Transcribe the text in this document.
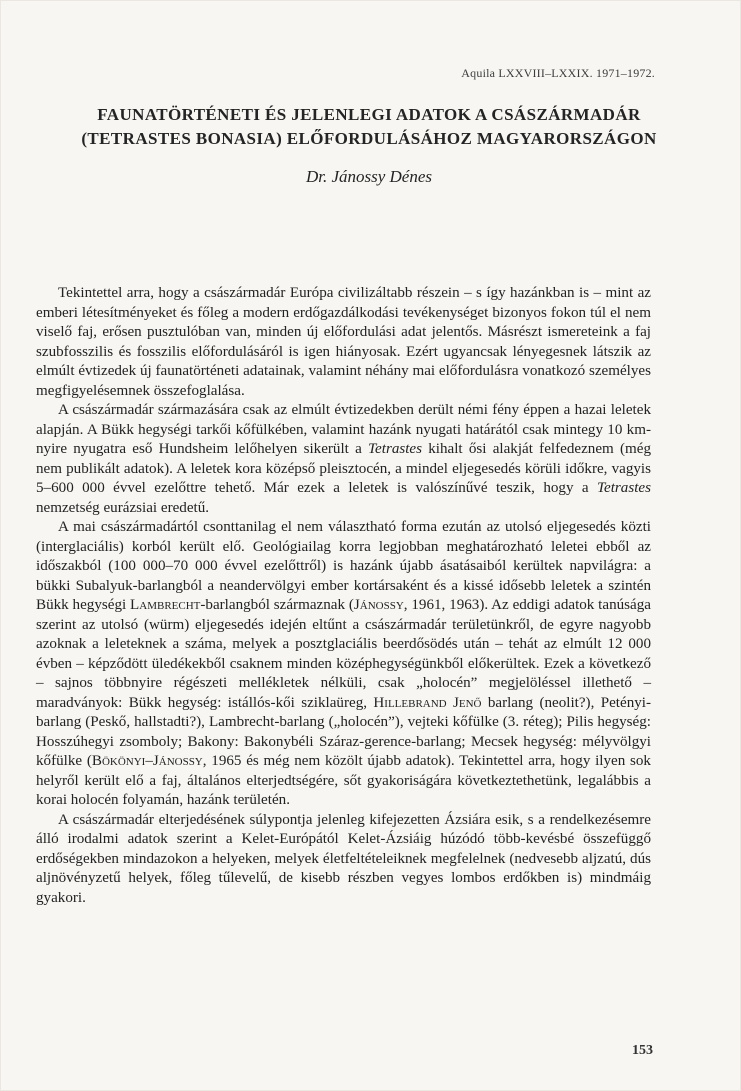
Aquila LXXVIII–LXXIX. 1971–1972.
FAUNATÖRTÉNETI ÉS JELENLEGI ADATOK A CSÁSZÁRMADÁR
(TETRASTES BONASIA) ELŐFORDULÁSÁHOZ MAGYARORSZÁGON
Dr. Jánossy Dénes

Tekintettel arra, hogy a császármadár Európa civilizáltabb részein – s így hazánkban is – mint az emberi létesítményeket és főleg a modern erdőgazdálkodási tevékenységet bizonyos fokon túl el nem viselő faj, erősen pusztulóban van, minden új előfordulási adat jelentős. Másrészt ismereteink a faj szubfosszilis és fosszilis előfordulásáról is igen hiányosak. Ezért ugyancsak lényegesnek látszik az elmúlt évtizedek új faunatörténeti adatainak, valamint néhány mai előfordulásra vonatkozó személyes megfigyelésemnek összefoglalása.

A császármadár származására csak az elmúlt évtizedekben derült némi fény éppen a hazai leletek alapján. A Bükk hegységi tarkői kőfülkében, valamint hazánk nyugati határától csak mintegy 10 km-nyire nyugatra eső Hundsheim lelőhelyen sikerült a Tetrastes kihalt ősi alakját felfedeznem (még nem publikált adatok). A leletek kora középső pleisztocén, a mindel eljegesedés körüli időkre, vagyis 5–600 000 évvel ezelőttre tehető. Már ezek a leletek is valószínűvé teszik, hogy a Tetrastes nemzetség eurázsiai eredetű.

A mai császármadártól csonttanilag el nem választható forma ezután az utolsó eljegesedés közti (interglaciális) korból került elő. Geológiailag korra legjobban meghatározható leletei ebből az időszakból (100 000–70 000 évvel ezelőttről) is hazánk újabb ásatásaiból kerültek napvilágra: a bükki Subalyuk-barlangból a neandervölgyi ember kortársaként és a kissé idősebb leletek a szintén Bükk hegységi Lambrecht-barlangból származnak (Jánossy, 1961, 1963). Az eddigi adatok tanúsága szerint az utolsó (würm) eljegesedés idején eltűnt a császármadár területünkről, de egyre nagyobb azoknak a leleteknek a száma, melyek a posztglaciális beerdősödés után – tehát az elmúlt 12 000 évben – képződött üledékekből csaknem minden középhegységünkből előkerültek. Ezek a következő – sajnos többnyire régészeti mellékletek nélküli, csak „holocén” megjelöléssel illethető – maradványok: Bükk hegység: istállós-kői sziklaüreg, Hillebrand Jenő barlang (neolit?), Petényi-barlang (Peskő, hallstadti?), Lambrecht-barlang („holocén”), vejteki kőfülke (3. réteg); Pilis hegység: Hosszúhegyi zsomboly; Bakony: Bakonybéli Száraz-gerence-barlang; Mecsek hegység: mélyvölgyi kőfülke (Bökönyi–Jánossy, 1965 és még nem közölt újabb adatok). Tekintettel arra, hogy ilyen sok helyről került elő a faj, általános elterjedtségére, sőt gyakoriságára következtethetünk, legalábbis a korai holocén folyamán, hazánk területén.

A császármadár elterjedésének súlypontja jelenleg kifejezetten Ázsiára esik, s a rendelkezésemre álló irodalmi adatok szerint a Kelet-Európától Kelet-Ázsiáig húzódó több-kevésbé összefüggő erdőségekben mindazokon a helyeken, melyek életfeltételeiknek megfelelnek (nedvesebb aljzatú, dús aljnövényzetű helyek, főleg tűlevelű, de kisebb részben vegyes lombos erdőkben is) mindmáig gyakori.

153
